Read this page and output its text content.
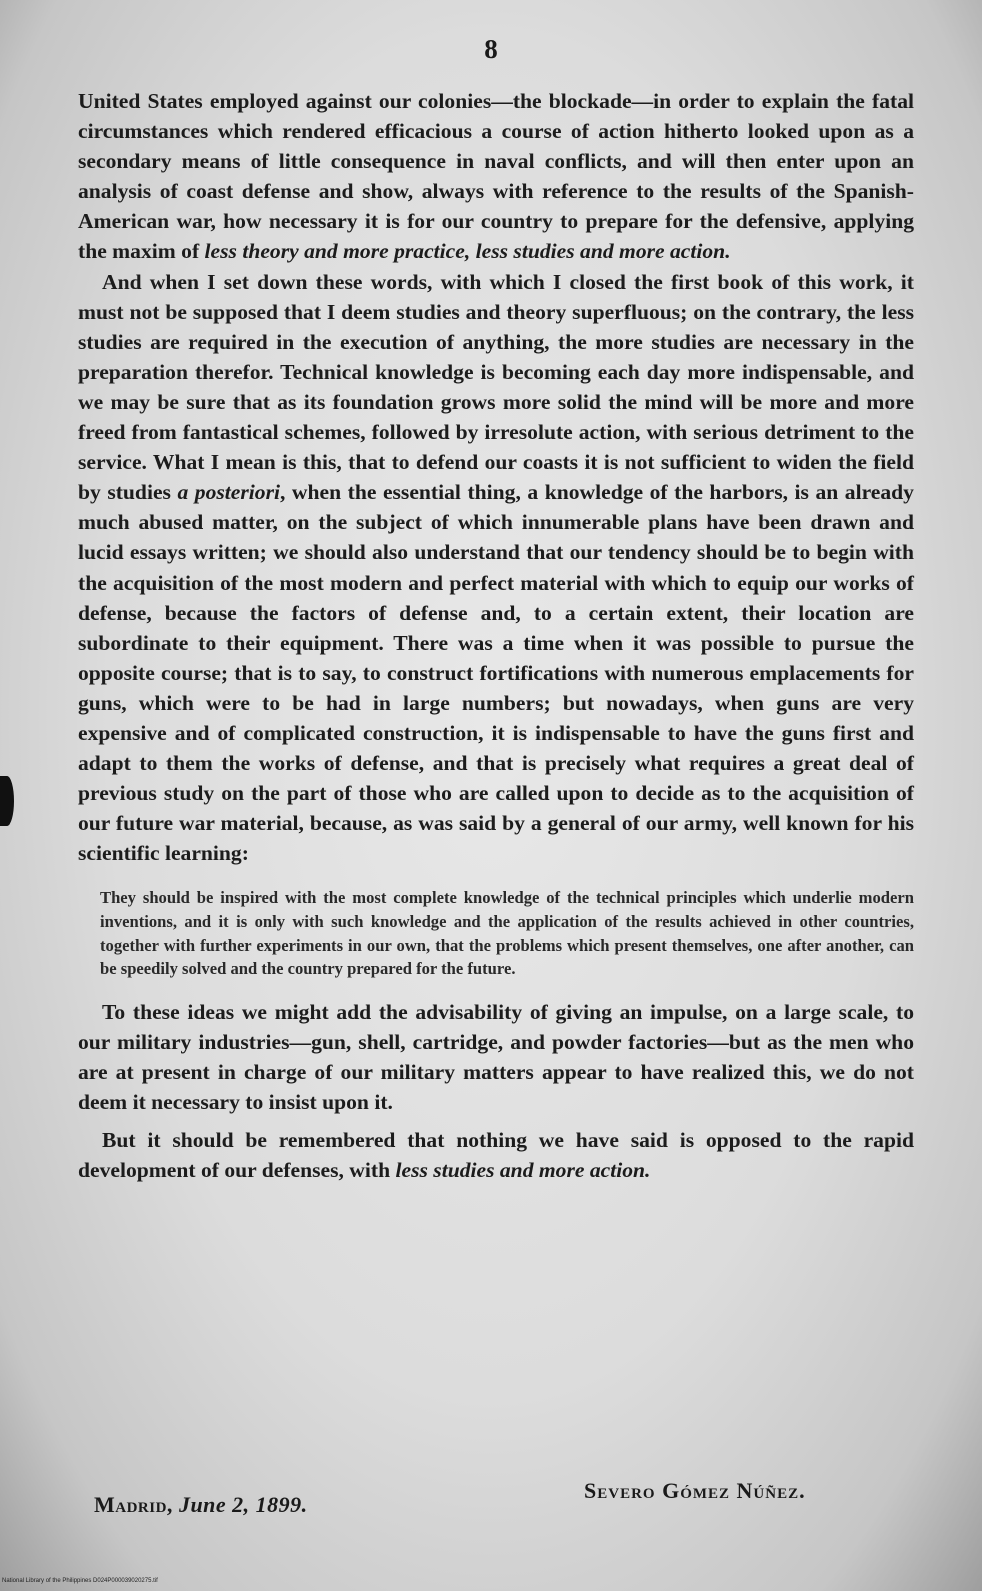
8

United States employed against our colonies—the blockade—in order to explain the fatal circumstances which rendered efficacious a course of action hitherto looked upon as a secondary means of little consequence in naval conflicts, and will then enter upon an analysis of coast defense and show, always with reference to the results of the Spanish-American war, how necessary it is for our country to prepare for the defensive, applying the maxim of less theory and more practice, less studies and more action.

And when I set down these words, with which I closed the first book of this work, it must not be supposed that I deem studies and theory superfluous; on the contrary, the less studies are required in the execution of anything, the more studies are necessary in the preparation therefor. Technical knowledge is becoming each day more indispensable, and we may be sure that as its foundation grows more solid the mind will be more and more freed from fantastical schemes, followed by irresolute action, with serious detriment to the service. What I mean is this, that to defend our coasts it is not sufficient to widen the field by studies a posteriori, when the essential thing, a knowledge of the harbors, is an already much abused matter, on the subject of which innumerable plans have been drawn and lucid essays written; we should also understand that our tendency should be to begin with the acquisition of the most modern and perfect material with which to equip our works of defense, because the factors of defense and, to a certain extent, their location are subordinate to their equipment. There was a time when it was possible to pursue the opposite course; that is to say, to construct fortifications with numerous emplacements for guns, which were to be had in large numbers; but nowadays, when guns are very expensive and of complicated construction, it is indispensable to have the guns first and adapt to them the works of defense, and that is precisely what requires a great deal of previous study on the part of those who are called upon to decide as to the acquisition of our future war material, because, as was said by a general of our army, well known for his scientific learning:

They should be inspired with the most complete knowledge of the technical principles which underlie modern inventions, and it is only with such knowledge and the application of the results achieved in other countries, together with further experiments in our own, that the problems which present themselves, one after another, can be speedily solved and the country prepared for the future.

To these ideas we might add the advisability of giving an impulse, on a large scale, to our military industries—gun, shell, cartridge, and powder factories—but as the men who are at present in charge of our military matters appear to have realized this, we do not deem it necessary to insist upon it.

But it should be remembered that nothing we have said is opposed to the rapid development of our defenses, with less studies and more action.

Severo Gómez Núñez.
Madrid, June 2, 1899.
National Library of the Philippines D024P000039020275.tif
